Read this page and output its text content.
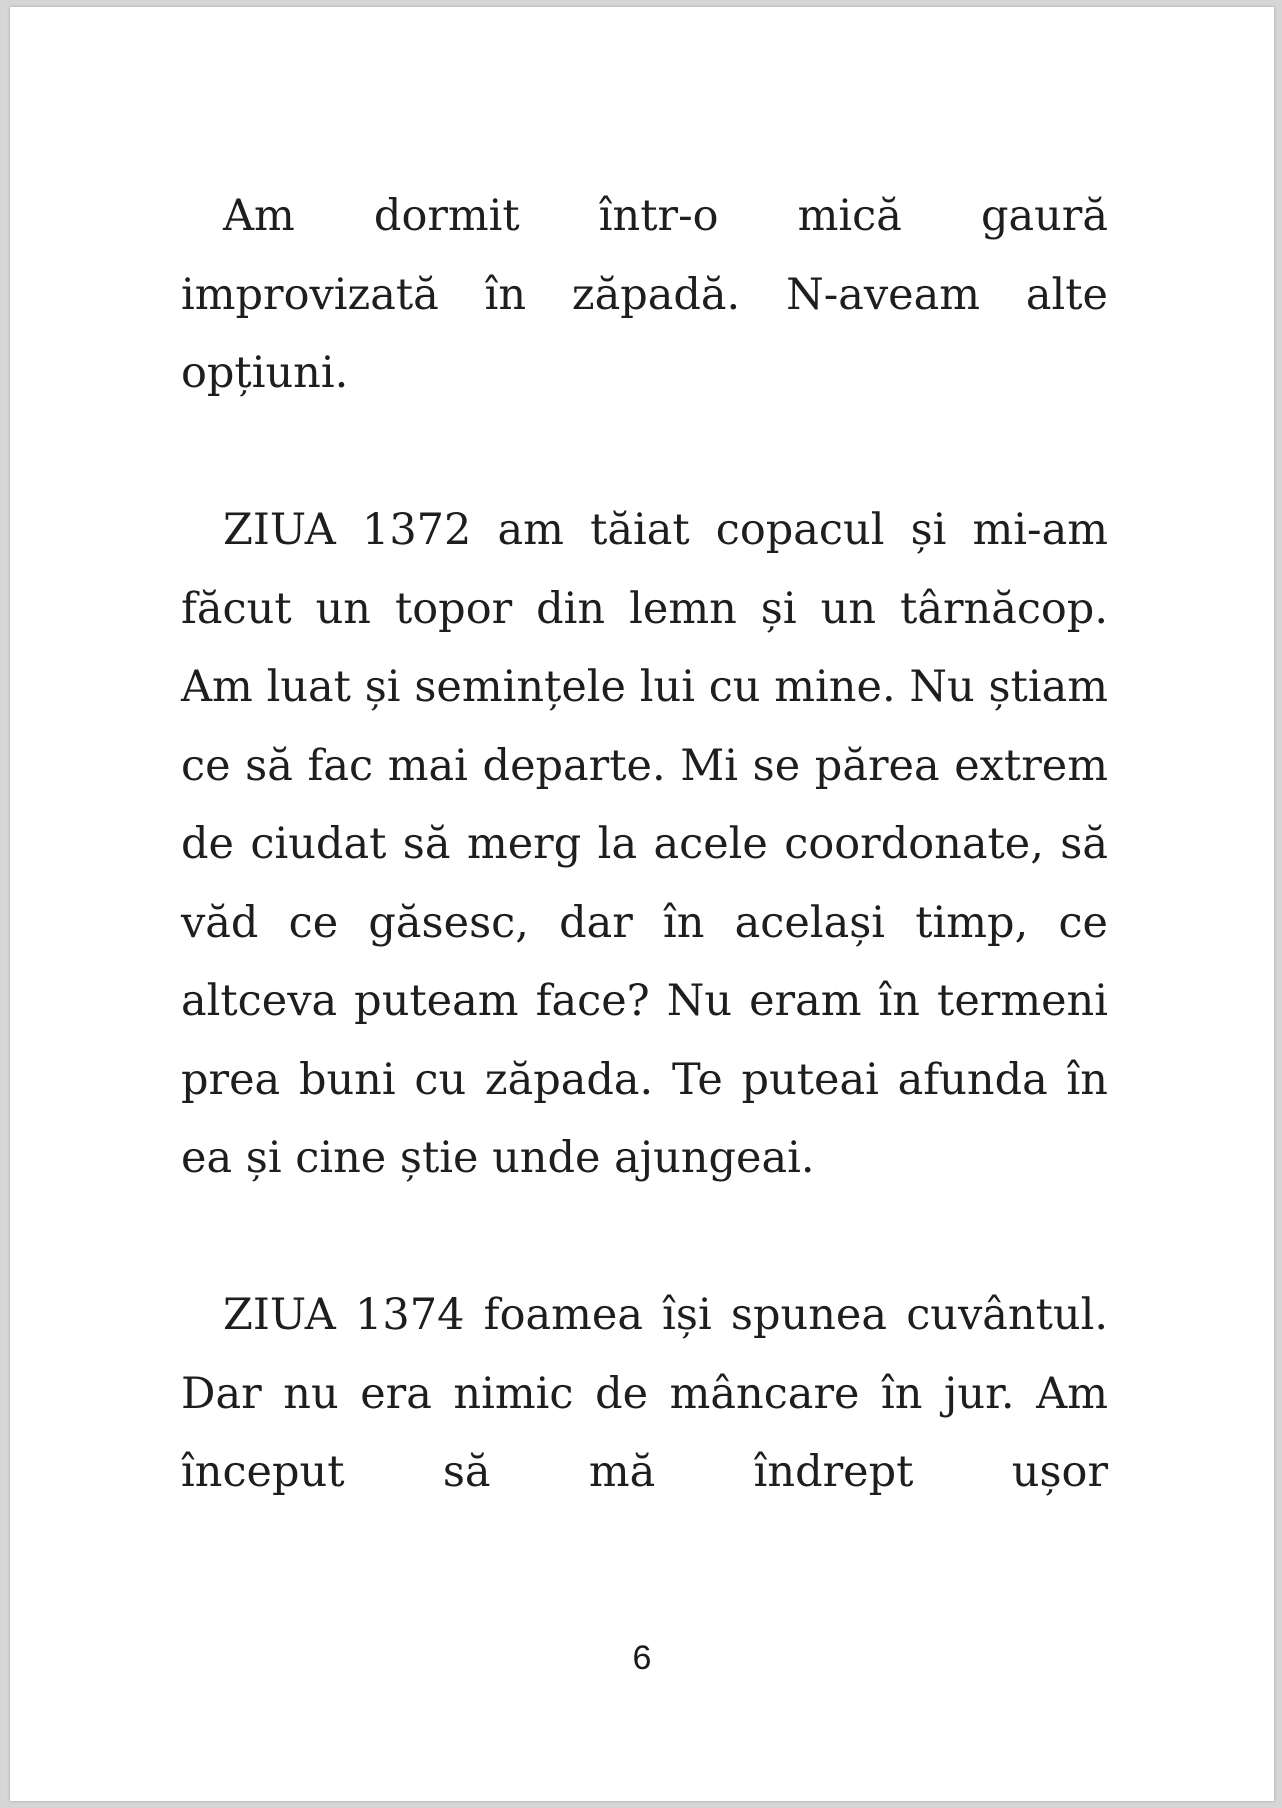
Am dormit într-o mică gaură improvizată în zăpadă. N-aveam alte opțiuni.

ZIUA 1372 am tăiat copacul și mi-am făcut un topor din lemn și un târnăcop. Am luat și semințele lui cu mine. Nu știam ce să fac mai departe. Mi se părea extrem de ciudat să merg la acele coordonate, să văd ce găsesc, dar în același timp, ce altceva puteam face? Nu eram în termeni prea buni cu zăpada. Te puteai afunda în ea și cine știe unde ajungeai.

ZIUA 1374 foamea își spunea cuvântul. Dar nu era nimic de mâncare în jur. Am început să mă îndrept ușor

6
